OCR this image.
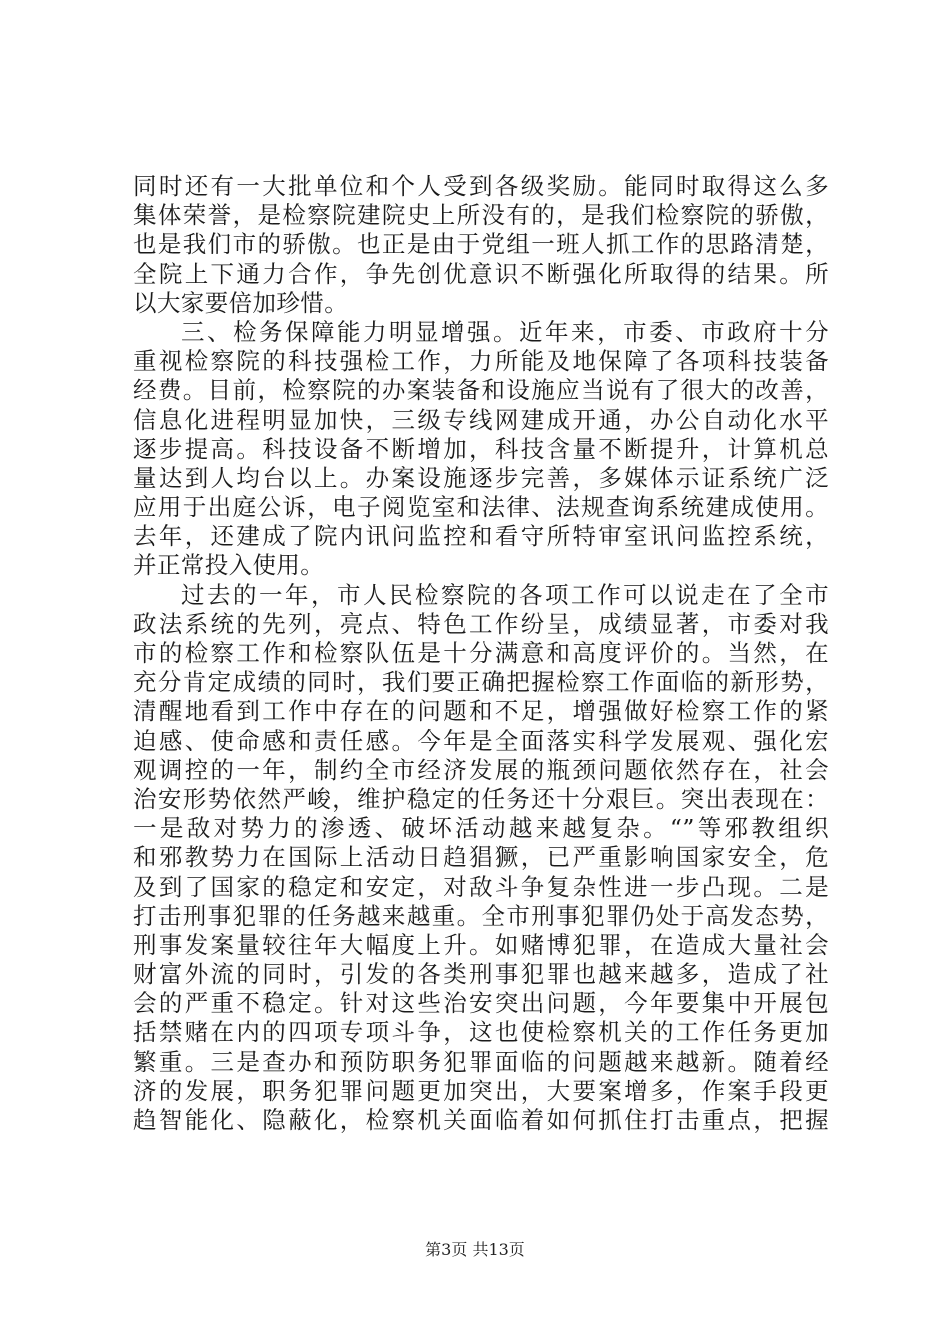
同时还有一大批单位和个人受到各级奖励。能同时取得这么多
集体荣誉，是检察院建院史上所没有的，是我们检察院的骄傲，
也是我们市的骄傲。也正是由于党组一班人抓工作的思路清楚，
全院上下通力合作，争先创优意识不断强化所取得的结果。所
以大家要倍加珍惜。
三、检务保障能力明显增强。近年来，市委、市政府十分
重视检察院的科技强检工作，力所能及地保障了各项科技装备
经费。目前，检察院的办案装备和设施应当说有了很大的改善，
信息化进程明显加快，三级专线网建成开通，办公自动化水平
逐步提高。科技设备不断增加，科技含量不断提升，计算机总
量达到人均台以上。办案设施逐步完善，多媒体示证系统广泛
应用于出庭公诉，电子阅览室和法律、法规查询系统建成使用。
去年，还建成了院内讯问监控和看守所特审室讯问监控系统，
并正常投入使用。
过去的一年，市人民检察院的各项工作可以说走在了全市
政法系统的先列，亮点、特色工作纷呈，成绩显著，市委对我
市的检察工作和检察队伍是十分满意和高度评价的。当然，在
充分肯定成绩的同时，我们要正确把握检察工作面临的新形势，
清醒地看到工作中存在的问题和不足，增强做好检察工作的紧
迫感、使命感和责任感。今年是全面落实科学发展观、强化宏
观调控的一年，制约全市经济发展的瓶颈问题依然存在，社会
治安形势依然严峻，维护稳定的任务还十分艰巨。突出表现在：
一是敌对势力的渗透、破坏活动越来越复杂。“”等邪教组织
和邪教势力在国际上活动日趋猖獗，已严重影响国家安全，危
及到了国家的稳定和安定，对敌斗争复杂性进一步凸现。二是
打击刑事犯罪的任务越来越重。全市刑事犯罪仍处于高发态势，
刑事发案量较往年大幅度上升。如赌博犯罪，在造成大量社会
财富外流的同时，引发的各类刑事犯罪也越来越多，造成了社
会的严重不稳定。针对这些治安突出问题，今年要集中开展包
括禁赌在内的四项专项斗争，这也使检察机关的工作任务更加
繁重。三是查办和预防职务犯罪面临的问题越来越新。随着经
济的发展，职务犯罪问题更加突出，大要案增多，作案手段更
趋智能化、隐蔽化，检察机关面临着如何抓住打击重点，把握
第3页 共13页
